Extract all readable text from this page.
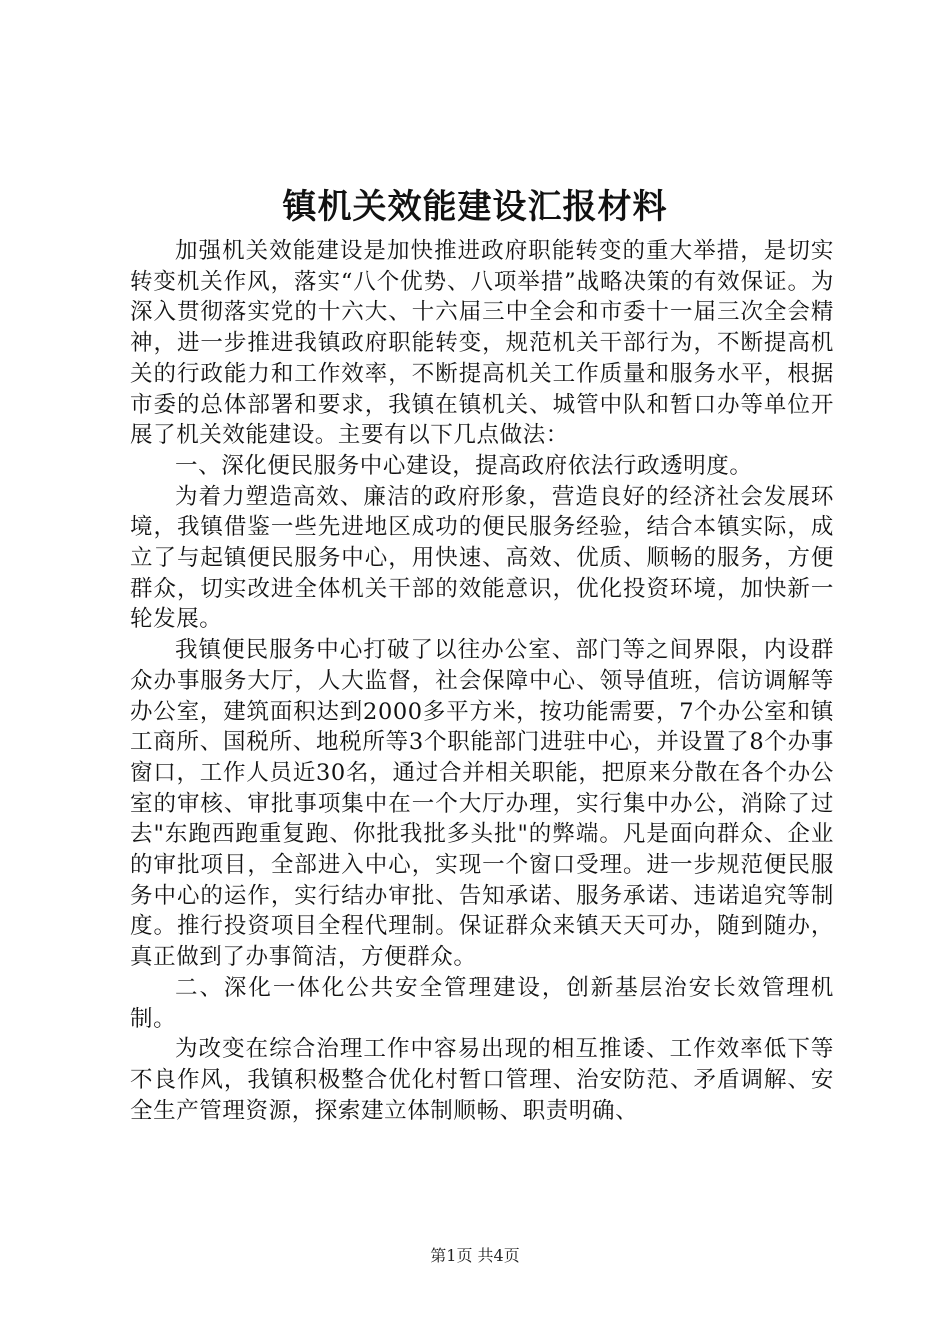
镇机关效能建设汇报材料

加强机关效能建设是加快推进政府职能转变的重大举措，是切实转变机关作风，落实“八个优势、八项举措”战略决策的有效保证。为深入贯彻落实党的十六大、十六届三中全会和市委十一届三次全会精神，进一步推进我镇政府职能转变，规范机关干部行为，不断提高机关的行政能力和工作效率，不断提高机关工作质量和服务水平，根据市委的总体部署和要求，我镇在镇机关、城管中队和暂口办等单位开展了机关效能建设。主要有以下几点做法：

一、深化便民服务中心建设，提高政府依法行政透明度。

为着力塑造高效、廉洁的政府形象，营造良好的经济社会发展环境，我镇借鉴一些先进地区成功的便民服务经验，结合本镇实际，成立了与起镇便民服务中心，用快速、高效、优质、顺畅的服务，方便群众，切实改进全体机关干部的效能意识，优化投资环境，加快新一轮发展。

我镇便民服务中心打破了以往办公室、部门等之间界限，内设群众办事服务大厅，人大监督，社会保障中心、领导值班，信访调解等办公室，建筑面积达到2000多平方米，按功能需要，7个办公室和镇工商所、国税所、地税所等3个职能部门进驻中心，并设置了8个办事窗口，工作人员近30名，通过合并相关职能，把原来分散在各个办公室的审核、审批事项集中在一个大厅办理，实行集中办公，消除了过去"东跑西跑重复跑、你批我批多头批"的弊端。凡是面向群众、企业的审批项目，全部进入中心，实现一个窗口受理。进一步规范便民服务中心的运作，实行结办审批、告知承诺、服务承诺、违诺追究等制度。推行投资项目全程代理制。保证群众来镇天天可办，随到随办，真正做到了办事简洁，方便群众。

二、深化一体化公共安全管理建设，创新基层治安长效管理机制。

为改变在综合治理工作中容易出现的相互推诿、工作效率低下等不良作风，我镇积极整合优化村暂口管理、治安防范、矛盾调解、安全生产管理资源，探索建立体制顺畅、职责明确、

第1页 共4页
